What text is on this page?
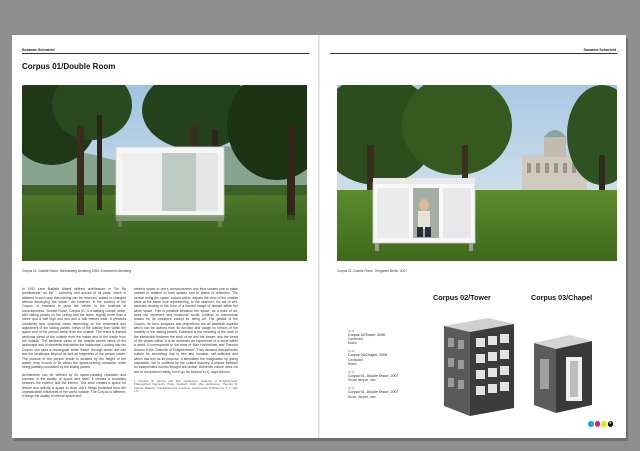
Susanne Schuricht
Corpus 01/Double Room
Corpus 01, Double Room, Schlossberg Arnsberg 2006, Kunstverein Arnsberg

In 1932 Leon Battista Alberti defined architecture in "De Re Aedificatoria" as the "...harmony and accord of all parts, which is attained in such way that nothing can be removed, added or changed without destroying the whole." Art however, in the context of the Corpus, is intended to push the 'whole' to the forefront of consciousness. 'Double Room, Corpus 01' is a walking cuboid, white, with sliding panels on the ceiling and the sides, slightly more than a metre and a half high and two and a half metres wide. It presents constantly new sectional views depending on the movement and adjustment of the sliding panels. Views of the outside from within the space and of the person within from the outside. The result is framed sectional views of the outside from the inside and of the inside from the outside. The sectional views of the outside permit views of the landscape and of elements that define the landscape. Looking into the Corpus one sees a rectangular white 'frame' through which one can see the landscape beyond as well as fragments of the person inside. The posture of the person inside is dictated by the height of the space: they crouch or lie within the space-bracing outwards, while being partially concealed by the sliding panels.

Architecture can be defined by its space-creating character and consists in the duality of space and shell: it creates a boundary between the exterior and the interior. This shell creates a space for leisure and activity, a space to store one's things protected from the unpredictable influences of the world outside. The Corpus is different: it brings the duality of interior space and

exterior space to one's consciousness and thus causes one to place oneself in relation to both spaces and to states of reflection. The person using the space, tucked within, adjusts the view of the outside while at the same time representing, to the observer, the act of self-selected viewing in the form of a framed image of himself within the white space. This is possible because the space, as a work of art, does not represent any functional social, political or commercial reason for its existence except for being art. The gestalt of the Corpus, its form, sculpture and proportions are all aesthetic aspects which can be divined from its function and usage by means of the mobility of the sliding panels. Essential is the meaning of the work in the interaction between the work of art and the viewer, and the views of the viewer within. It is an authentic art experience of a world within a world. It corresponds to the aims of Max Horkheimer and Theodor Adorno in the 'Dialectic of Enlightenment'. They demand that authentic culture be something that is free and humane: self-sufficient and which has this as its purpose. It stimulates the imagination by giving inspiration, but is confined by the culture industry. A leisure freedom for independent human thought and action. Authentic culture does not aim to reconstruct reality, but to go far beyond it (1), says Adorno.

1 Theodor W. Adorno and Max Horkheimer, Dialectic of Enlightenment: Philosophical fragments, Polity, Stanford, 2002. Max Horkheimer, Theodor W. Adorno, Dialectic of Enlightenment in Adorno, Gesammelte Schriften vol. 3, p. 144-172
Susanne Schuricht
Corpus 01, Double Room, Tiergarten Berlin, 2007
Corpus 02/Tower	Corpus 03/Chapel
cb 02
Corpus 02/Tower, 2006
Cardboard
Model
cb 03
Corpus 03/Chapel, 2006
Cardboard
Model
cb 01
Corpus 01, Double Room, 2007
Wood, lacquer, wax
cb 01
Corpus 01, Double Room, 2007
Wood, lacquer, wax
9
